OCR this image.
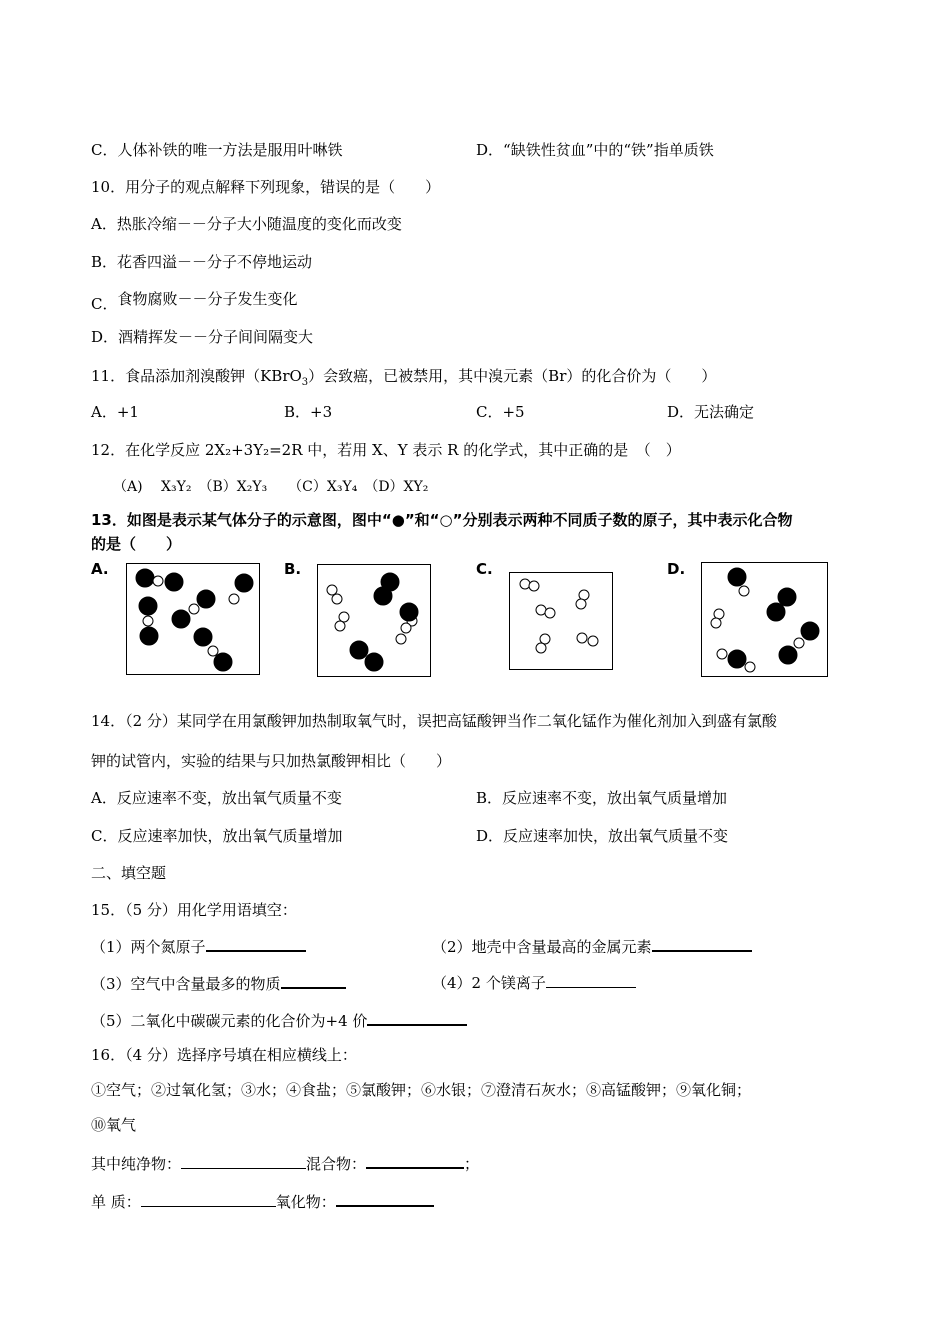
C．人体补铁的唯一方法是服用叶啉铁	D．“缺铁性贫血”中的“铁”指单质铁
10．用分子的观点解释下列现象，错误的是（　　）
A．热胀冷缩－－分子大小随温度的变化而改变
B．花香四溢－－分子不停地运动
C．食物腐败－－分子发生变化
D．酒精挥发－－分子间间隔变大
11．食品添加剂溴酸钾（KBrO$_3$）会致癌，已被禁用，其中溴元素（Br）的化合价为（　　）
A．+1	B．+3	C．+5	D．无法确定
12．在化学反应 2X₂+3Y₂=2R 中，若用 X、Y 表示 R 的化学式，其中正确的是　（　）
（A)　 X₃Y₂　（B）X₂Y₃　　（C）X₃Y₄　（D）XY₂
13．如图是表示某气体分子的示意图，图中“●”和“○”分别表示两种不同质子数的原子，其中表示化合物
的是（　　）
A.	B.	C.	D.
14．（2 分）某同学在用氯酸钾加热制取氧气时，误把高锰酸钾当作二氧化锰作为催化剂加入到盛有氯酸
钾的试管内，实验的结果与只加热氯酸钾相比（　　）
A．反应速率不变，放出氧气质量不变	B．反应速率不变，放出氧气质量增加
C．反应速率加快，放出氧气质量增加	D．反应速率加快，放出氧气质量不变
二、填空题
15．（5 分）用化学用语填空：
（1）两个氮原子	（2）地壳中含量最高的金属元素
（3）空气中含量最多的物质	（4）2 个镁离子
（5）二氧化中碳碳元素的化合价为+4 价
16．（4 分）选择序号填在相应横线上：
①空气；②过氧化氢；③水；④食盐；⑤氯酸钾；⑥水银；⑦澄清石灰水；⑧高锰酸钾；⑨氧化铜；
⑩氧气
其中纯净物：	混合物：	；
单 质：	氧化物：
